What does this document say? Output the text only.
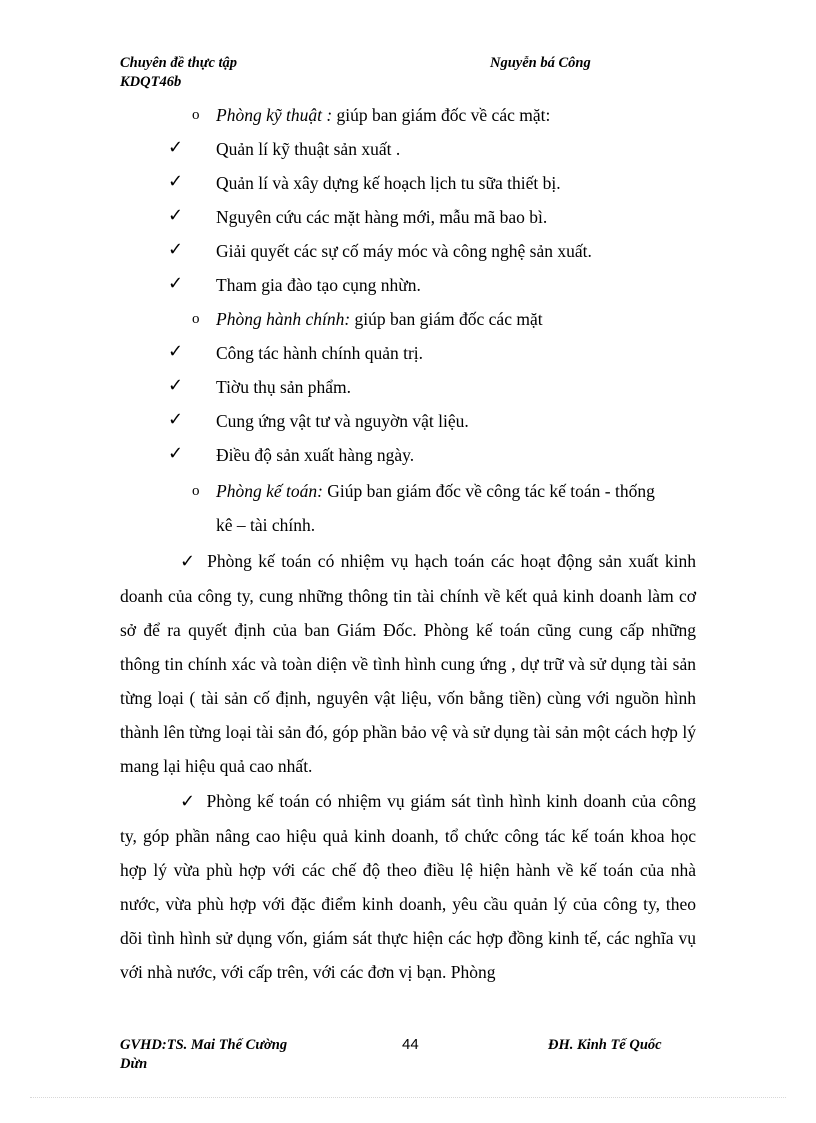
Chuyên đề thực tập
KDQT46b
Nguyễn bá Công
o Phòng kỹ thuật : giúp ban giám đốc về các mặt:
✓ Quản lí kỹ thuật sản xuất .
✓ Quản lí và xây dựng kế hoạch lịch tu sữa thiết bị.
✓ Nguyên cứu các mặt hàng mới, mẫu mã bao bì.
✓ Giải quyết các sự cố máy móc và công nghệ sản xuất.
✓ Tham gia đào tạo cụng nhừn.
o Phòng hành chính: giúp ban giám đốc các mặt
✓ Công tác hành chính quản trị.
✓ Tiờu thụ sản phẩm.
✓ Cung ứng vật tư và nguyờn vật liệu.
✓ Điều độ sản xuất hàng ngày.
o Phòng kế toán: Giúp ban giám đốc về công tác kế toán - thống
kê – tài chính.
✓ Phòng kế toán có nhiệm vụ hạch toán các hoạt động sản xuất kinh doanh của công ty, cung những thông tin tài chính về kết quả kinh doanh làm cơ sở để ra quyết định của ban Giám Đốc. Phòng kế toán cũng cung cấp những thông tin chính xác và toàn diện về tình hình cung ứng , dự trữ và sử dụng tài sản từng loại ( tài sản cố định, nguyên vật liệu, vốn bằng tiền) cùng với nguồn hình thành lên từng loại tài sản đó, góp phần bảo vệ và sử dụng tài sản một cách hợp lý mang lại hiệu quả cao nhất.
✓ Phòng kế toán có nhiệm vụ giám sát tình hình kinh doanh của công ty, góp phần nâng cao hiệu quả kinh doanh, tổ chức công tác kế toán khoa học hợp lý vừa phù hợp với các chế độ theo điều lệ hiện hành về kế toán của nhà nước, vừa phù hợp với đặc điểm kinh doanh, yêu cầu quản lý của công ty, theo dõi tình hình sử dụng vốn, giám sát thực hiện các hợp đồng kinh tế, các nghĩa vụ với nhà nước, với cấp trên, với các đơn vị bạn. Phòng
GVHD:TS. Mai Thế Cường
Dừn
44	ĐH. Kinh Tế Quốc
